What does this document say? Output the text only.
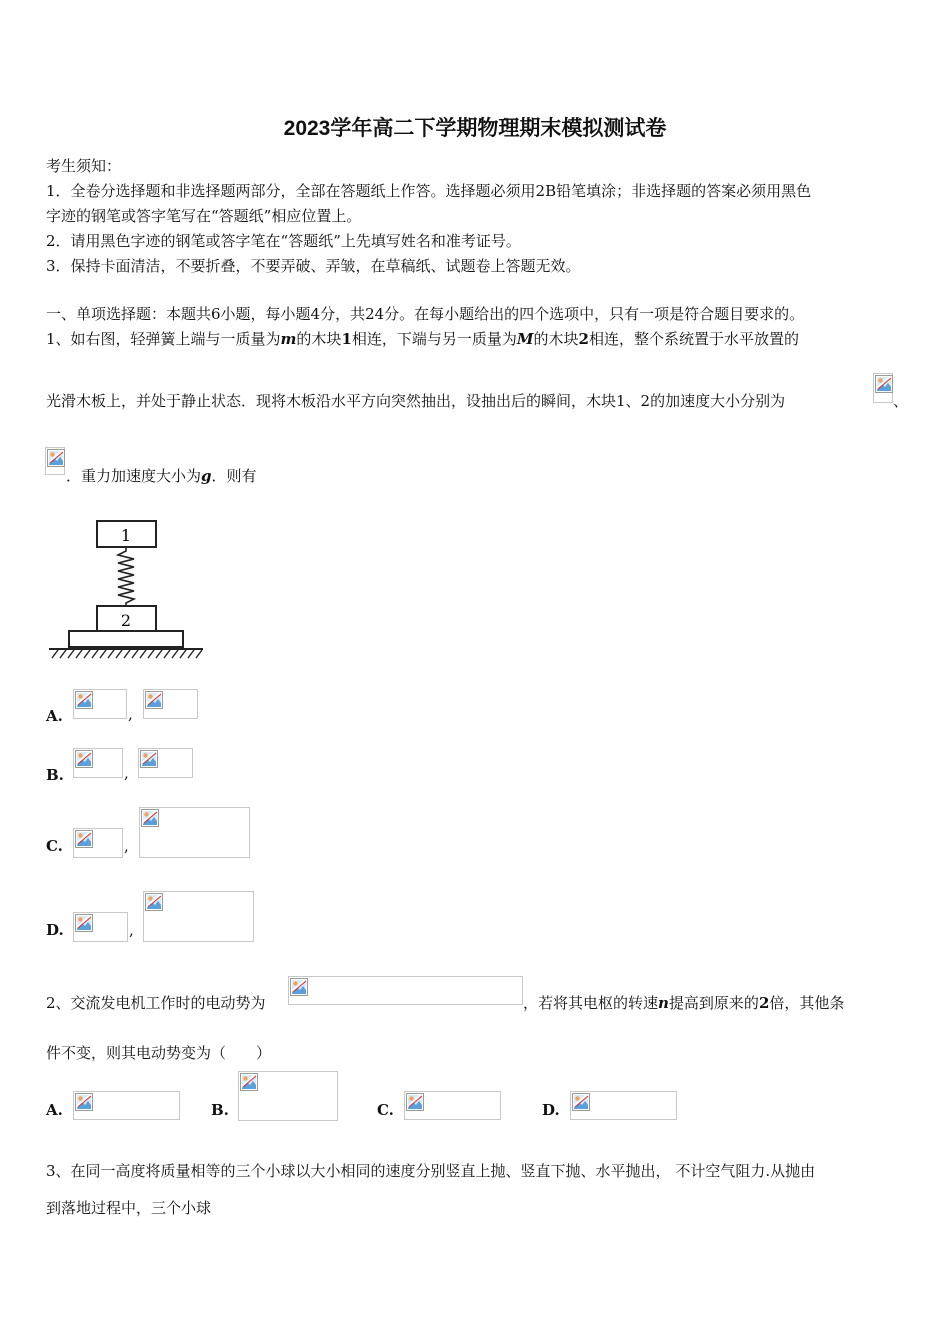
2023学年高二下学期物理期末模拟测试卷
考生须知：
1．全卷分选择题和非选择题两部分，全部在答题纸上作答。选择题必须用2B铅笔填涂；非选择题的答案必须用黑色
字迹的钢笔或答字笔写在“答题纸”相应位置上。
2．请用黑色字迹的钢笔或答字笔在“答题纸”上先填写姓名和准考证号。
3．保持卡面清洁，不要折叠，不要弄破、弄皱，在草稿纸、试题卷上答题无效。
一、单项选择题：本题共6小题，每小题4分，共24分。在每小题给出的四个选项中，只有一项是符合题目要求的。
1、如右图，轻弹簧上端与一质量为m的木块1相连，下端与另一质量为M的木块2相连，整个系统置于水平放置的
光滑木板上，并处于静止状态．现将木板沿水平方向突然抽出，设抽出后的瞬间，木块1、2的加速度大小分别为	、
．重力加速度大小为g．则有
1
2
A.	,
B.	,
C.	,
D.	,
2、交流发电机工作时的电动势为	，若将其电枢的转速n提高到原来的2倍，其他条
件不变，则其电动势变为（　　）
A.	B.	C.	D.
3、在同一高度将质量相等的三个小球以大小相同的速度分别竖直上抛、竖直下抛、水平抛出， 不计空气阻力.从抛由
到落地过程中，三个小球
